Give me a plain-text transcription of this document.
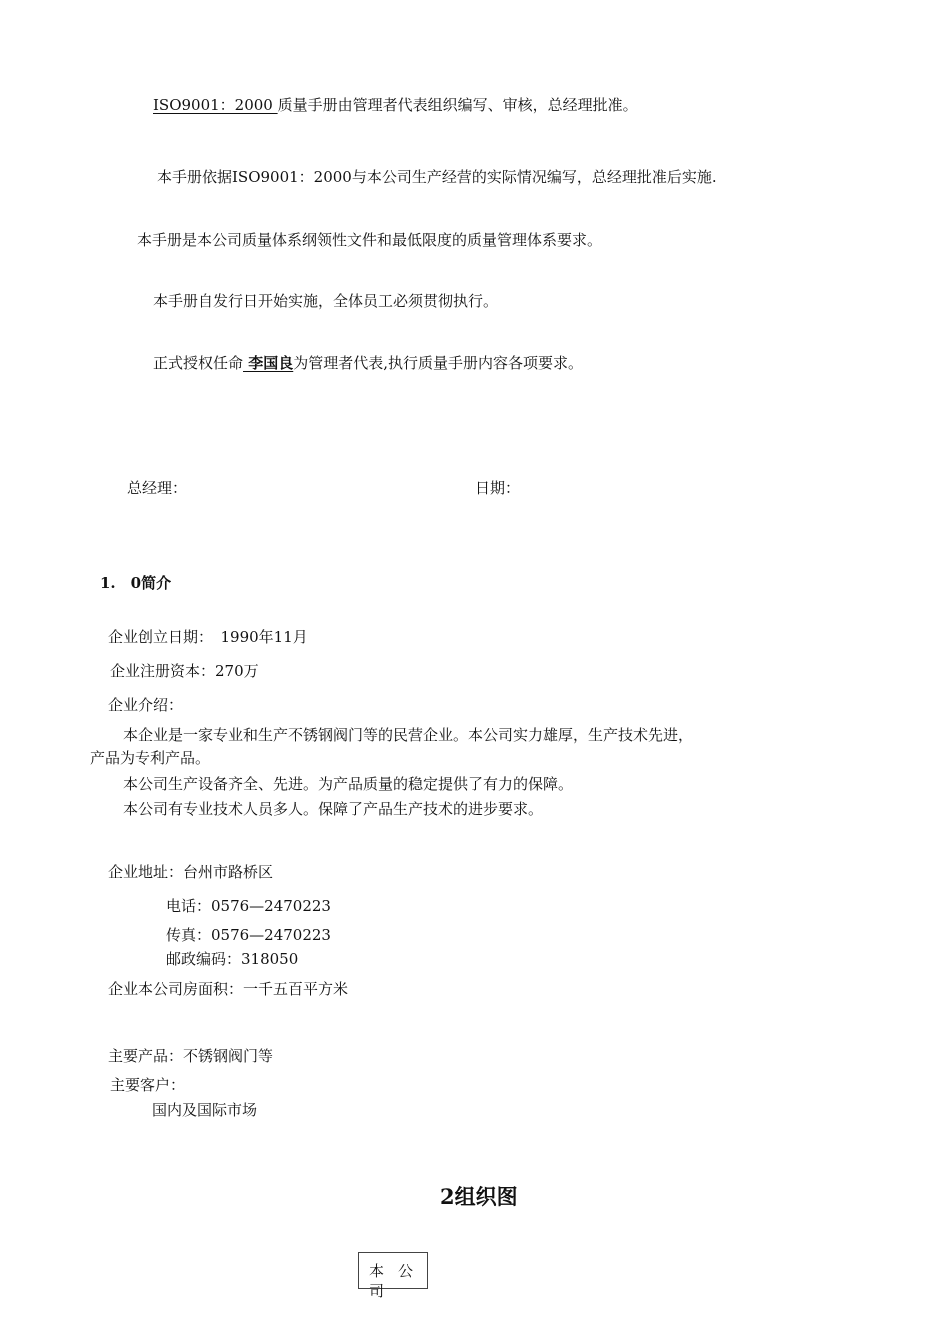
ISO9001：2000 质量手册由管理者代表组织编写、审核，总经理批准。
本手册依据ISO9001：2000与本公司生产经营的实际情况编写，总经理批准后实施.
本手册是本公司质量体系纲领性文件和最低限度的质量管理体系要求。
本手册自发行日开始实施，全体员工必须贯彻执行。
正式授权任命 李国良为管理者代表,执行质量手册内容各项要求。
总经理：	日期：
1.　0简介
企业创立日期：　1990年11月
企业注册资本：270万
企业介绍：
本企业是一家专业和生产不锈钢阀门等的民营企业。本公司实力雄厚，生产技术先进，
产品为专利产品。
本公司生产设备齐全、先进。为产品质量的稳定提供了有力的保障。
本公司有专业技术人员多人。保障了产品生产技术的进步要求。
企业地址：台州市路桥区
电话：0576—2470223
传真：0576—2470223
邮政编码：318050
企业本公司房面积：一千五百平方米
主要产品：不锈钢阀门等
主要客户：
国内及国际市场
2组织图
本公司
